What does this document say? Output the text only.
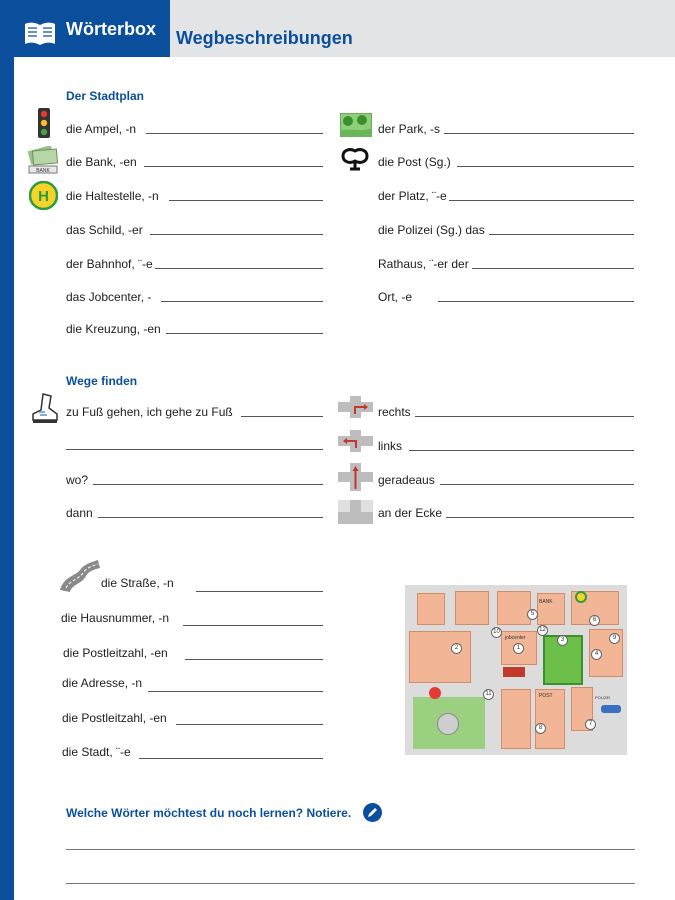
Wörterbox Wegbeschreibungen
Der Stadtplan
BANK
H
die Ampel, -n
die Bank, -en
die Haltestelle, -n
das Schild, -er
der Bahnhof, ¨-e
das Jobcenter, -
die Kreuzung, -en
der Park, -s
die Post (Sg.)
der Platz, ¨-e
die Polizei (Sg.) das
Rathaus, ¨-er der
Ort, -e
Wege finden
zu Fuß gehen, ich gehe zu Fuß
wo?
dann
rechts
links
geradeaus
an der Ecke
die Straße, -n
die Hausnummer, -n
die Postleitzahl, -en
die Adresse, -n
die Postleitzahl, -en
die Stadt, ¨-e
jobcenter
BANK
POST	POLIZEI
1
2
3
4
5
6
7
8
9
10
11
12
Welche Wörter möchtest du noch lernen? Notiere.
